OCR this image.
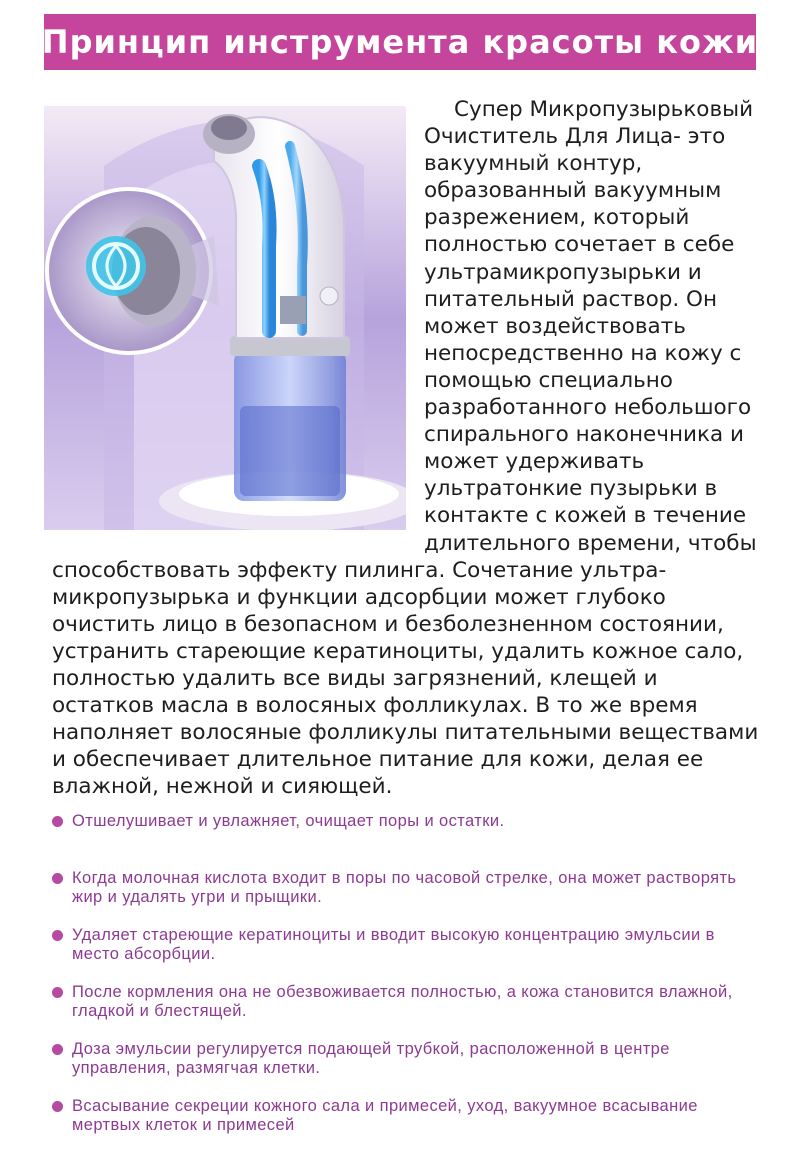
Принцип инструмента красоты кожи

Супер Микропузырьковый Очиститель Для Лица- это вакуумный контур, образованный вакуумным разрежением, который полностью сочетает в себе ультрамикропузырьки и питательный раствор. Он может воздействовать непосредственно на кожу с помощью специально разработанного небольшого спирального наконечника и может удерживать ультратонкие пузырьки в контакте с кожей в течение длительного времени, чтобы способствовать эффекту пилинга. Сочетание ультра-микропузырька и функции адсорбции может глубоко очистить лицо в безопасном и безболезненном состоянии, устранить стареющие кератиноциты, удалить кожное сало, полностью удалить все виды загрязнений, клещей и остатков масла в волосяных фолликулах. В то же время наполняет волосяные фолликулы питательными веществами и обеспечивает длительное питание для кожи, делая ее влажной, нежной и сияющей.

Отшелушивает и увлажняет, очищает поры и остатки.
Когда молочная кислота входит в поры по часовой стрелке, она может растворять жир и удалять угри и прыщики.
Удаляет стареющие кератиноциты и вводит высокую концентрацию эмульсии в место абсорбции.
После кормления она не обезвоживается полностью, а кожа становится влажной, гладкой и блестящей.
Доза эмульсии регулируется подающей трубкой, расположенной в центре управления, размягчая клетки.
Всасывание секреции кожного сала и примесей, уход, вакуумное всасывание мертвых клеток и примесей
